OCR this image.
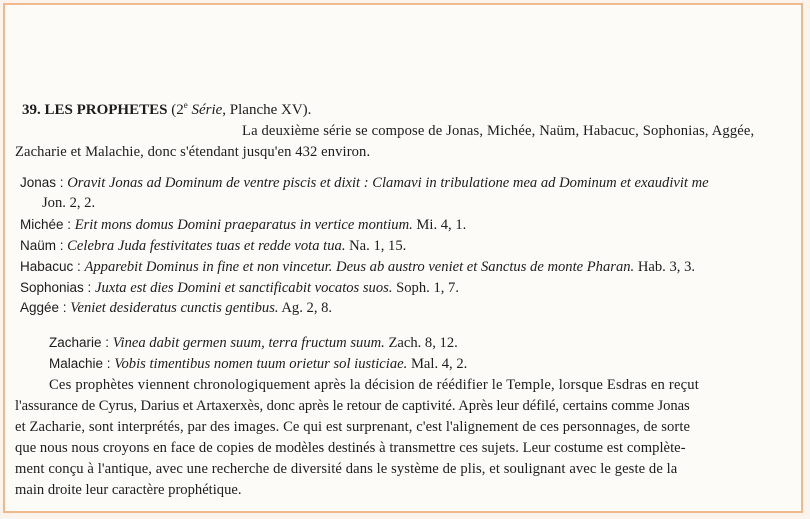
39. LES PROPHETES (2e Série, Planche XV).
La deuxième série se compose de Jonas, Michée, Naüm, Habacuc, Sophonias, Aggée,
Zacharie et Malachie, donc s'étendant jusqu'en 432 environ.
Jonas : Oravit Jonas ad Dominum de ventre piscis et dixit : Clamavi in tribulatione mea ad Dominum et exaudivit me
Jon. 2, 2.
Michée : Erit mons domus Domini praeparatus in vertice montium. Mi. 4, 1.
Naüm : Celebra Juda festivitates tuas et redde vota tua. Na. 1, 15.
Habacuc : Apparebit Dominus in fine et non vincetur. Deus ab austro veniet et Sanctus de monte Pharan. Hab. 3, 3.
Sophonias : Juxta est dies Domini et sanctificabit vocatos suos. Soph. 1, 7.
Aggée : Veniet desideratus cunctis gentibus. Ag. 2, 8.
Zacharie : Vinea dabit germen suum, terra fructum suum. Zach. 8, 12.
Malachie : Vobis timentibus nomen tuum orietur sol iusticiae. Mal. 4, 2.
Ces prophètes viennent chronologiquement après la décision de réédifier le Temple, lorsque Esdras en reçut
l'assurance de Cyrus, Darius et Artaxerxès, donc après le retour de captivité. Après leur défilé, certains comme Jonas
et Zacharie, sont interprétés, par des images. Ce qui est surprenant, c'est l'alignement de ces personnages, de sorte
que nous nous croyons en face de copies de modèles destinés à transmettre ces sujets. Leur costume est complète-
ment conçu à l'antique, avec une recherche de diversité dans le système de plis, et soulignant avec le geste de la
main droite leur caractère prophétique.
